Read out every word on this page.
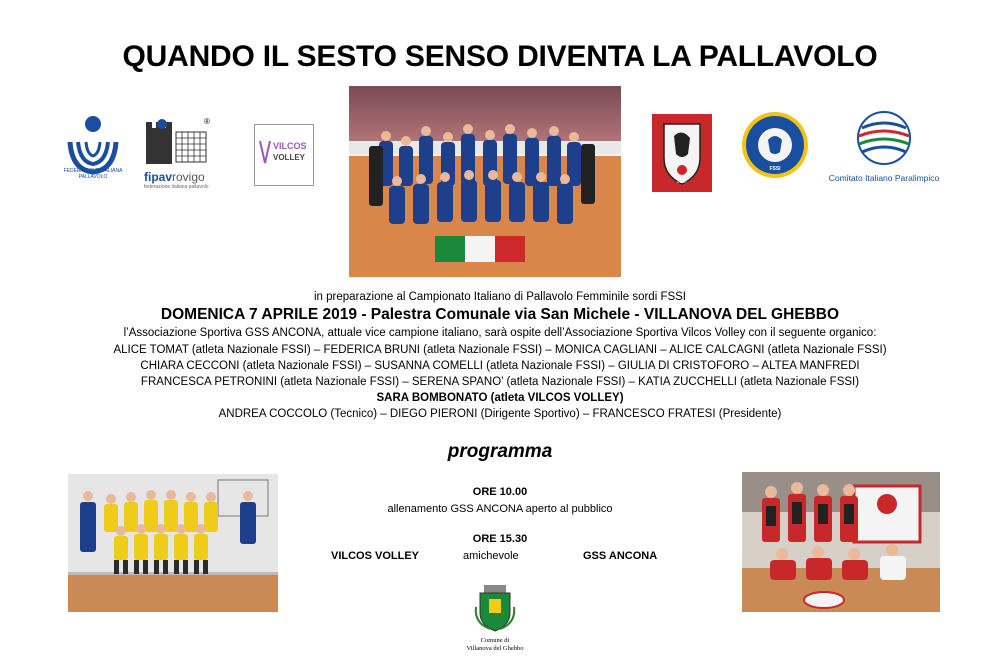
QUANDO IL SESTO SENSO DIVENTA LA PALLAVOLO
FEDERAZIONE ITALIANA PALLAVOLO
®
fipavrovigo
federazione italiana pallavolo
VILCOS
VOLLEY
1937
FSSI
Comitato Italiano Paralimpico
in preparazione al Campionato Italiano di Pallavolo Femminile sordi FSSI
DOMENICA 7 APRILE 2019 - Palestra Comunale via San Michele - VILLANOVA DEL GHEBBO
l’Associazione Sportiva GSS ANCONA, attuale vice campione italiano, sarà ospite dell’Associazione Sportiva Vilcos Volley con il seguente organico:
ALICE TOMAT (atleta Nazionale FSSI) – FEDERICA BRUNI (atleta Nazionale FSSI) – MONICA CAGLIANI – ALICE CALCAGNI (atleta Nazionale FSSI)
CHIARA CECCONI (atleta Nazionale FSSI) – SUSANNA COMELLI (atleta Nazionale FSSI) – GIULIA DI CRISTOFORO – ALTEA MANFREDI
FRANCESCA PETRONINI (atleta Nazionale FSSI) – SERENA SPANO’ (atleta Nazionale FSSI) – KATIA ZUCCHELLI (atleta Nazionale FSSI)
SARA BOMBONATO (atleta VILCOS VOLLEY)
ANDREA COCCOLO (Tecnico) – DIEGO PIERONI (Dirigente Sportivo) – FRANCESCO FRATESI (Presidente)
programma
ORE 10.00
allenamento GSS ANCONA aperto al pubblico
ORE 15.30
VILCOS VOLLEY	amichevole	GSS ANCONA
Comune di
Villanova del Ghebbo
